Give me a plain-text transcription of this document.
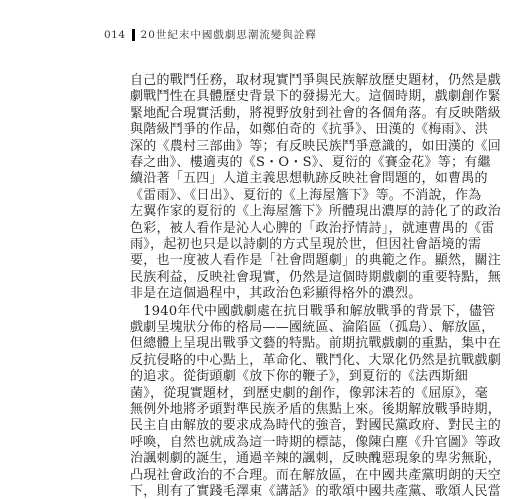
014 20世紀末中國戲劇思潮流變與詮釋
自己的戰鬥任務，取材現實鬥爭與民族解放歷史題材，仍然是戲
劇戰鬥性在具體歷史背景下的發揚光大。這個時期，戲劇創作緊
緊地配合現實活動，將視野放射到社會的各個角落。有反映階級
與階級鬥爭的作品，如鄭伯奇的《抗爭》、田漢的《梅雨》、洪
深的《農村三部曲》等；有反映民族鬥爭意識的，如田漢的《回
春之曲》、樓適夷的《S・O・S》、夏衍的《賽金花》等；有繼
續沿著「五四」人道主義思想軌跡反映社會問題的，如曹禺的
《雷雨》、《日出》、夏衍的《上海屋簷下》等。不消說，作為
左翼作家的夏衍的《上海屋簷下》所體現出濃厚的詩化了的政治
色彩，被人看作是沁人心脾的「政治抒情詩」，就連曹禺的《雷
雨》，起初也只是以詩劇的方式呈現於世，但因社會語境的需
要，也一度被人看作是「社會問題劇」的典範之作。顯然，關注
民族利益，反映社會現實，仍然是這個時期戲劇的重要特點，無
非是在這個過程中，其政治色彩顯得格外的濃烈。
　1940年代中國戲劇處在抗日戰爭和解放戰爭的背景下，儘管
戲劇呈塊狀分佈的格局——國統區、淪陷區（孤島）、解放區，
但總體上呈現出戰爭文藝的特點。前期抗戰戲劇的重點，集中在
反抗侵略的中心點上，革命化、戰鬥化、大眾化仍然是抗戰戲劇
的追求。從街頭劇《放下你的鞭子》，到夏衍的《法西斯細
菌》，從現實題材，到歷史劇的創作，像郭沫若的《屈原》，毫
無例外地將矛頭對準民族矛盾的焦點上來。後期解放戰爭時期，
民主自由解放的要求成為時代的強音，對國民黨政府、對民主的
呼喚，自然也就成為這一時期的標誌，像陳白塵《升官圖》等政
治諷刺劇的誕生，通過辛辣的諷刺，反映醜惡現象的卑劣無恥，
凸現社會政治的不合理。而在解放區，在中國共產黨明朗的天空
下，則有了實踐毛澤東《講話》的歌頌中國共產黨、歌頌人民當
